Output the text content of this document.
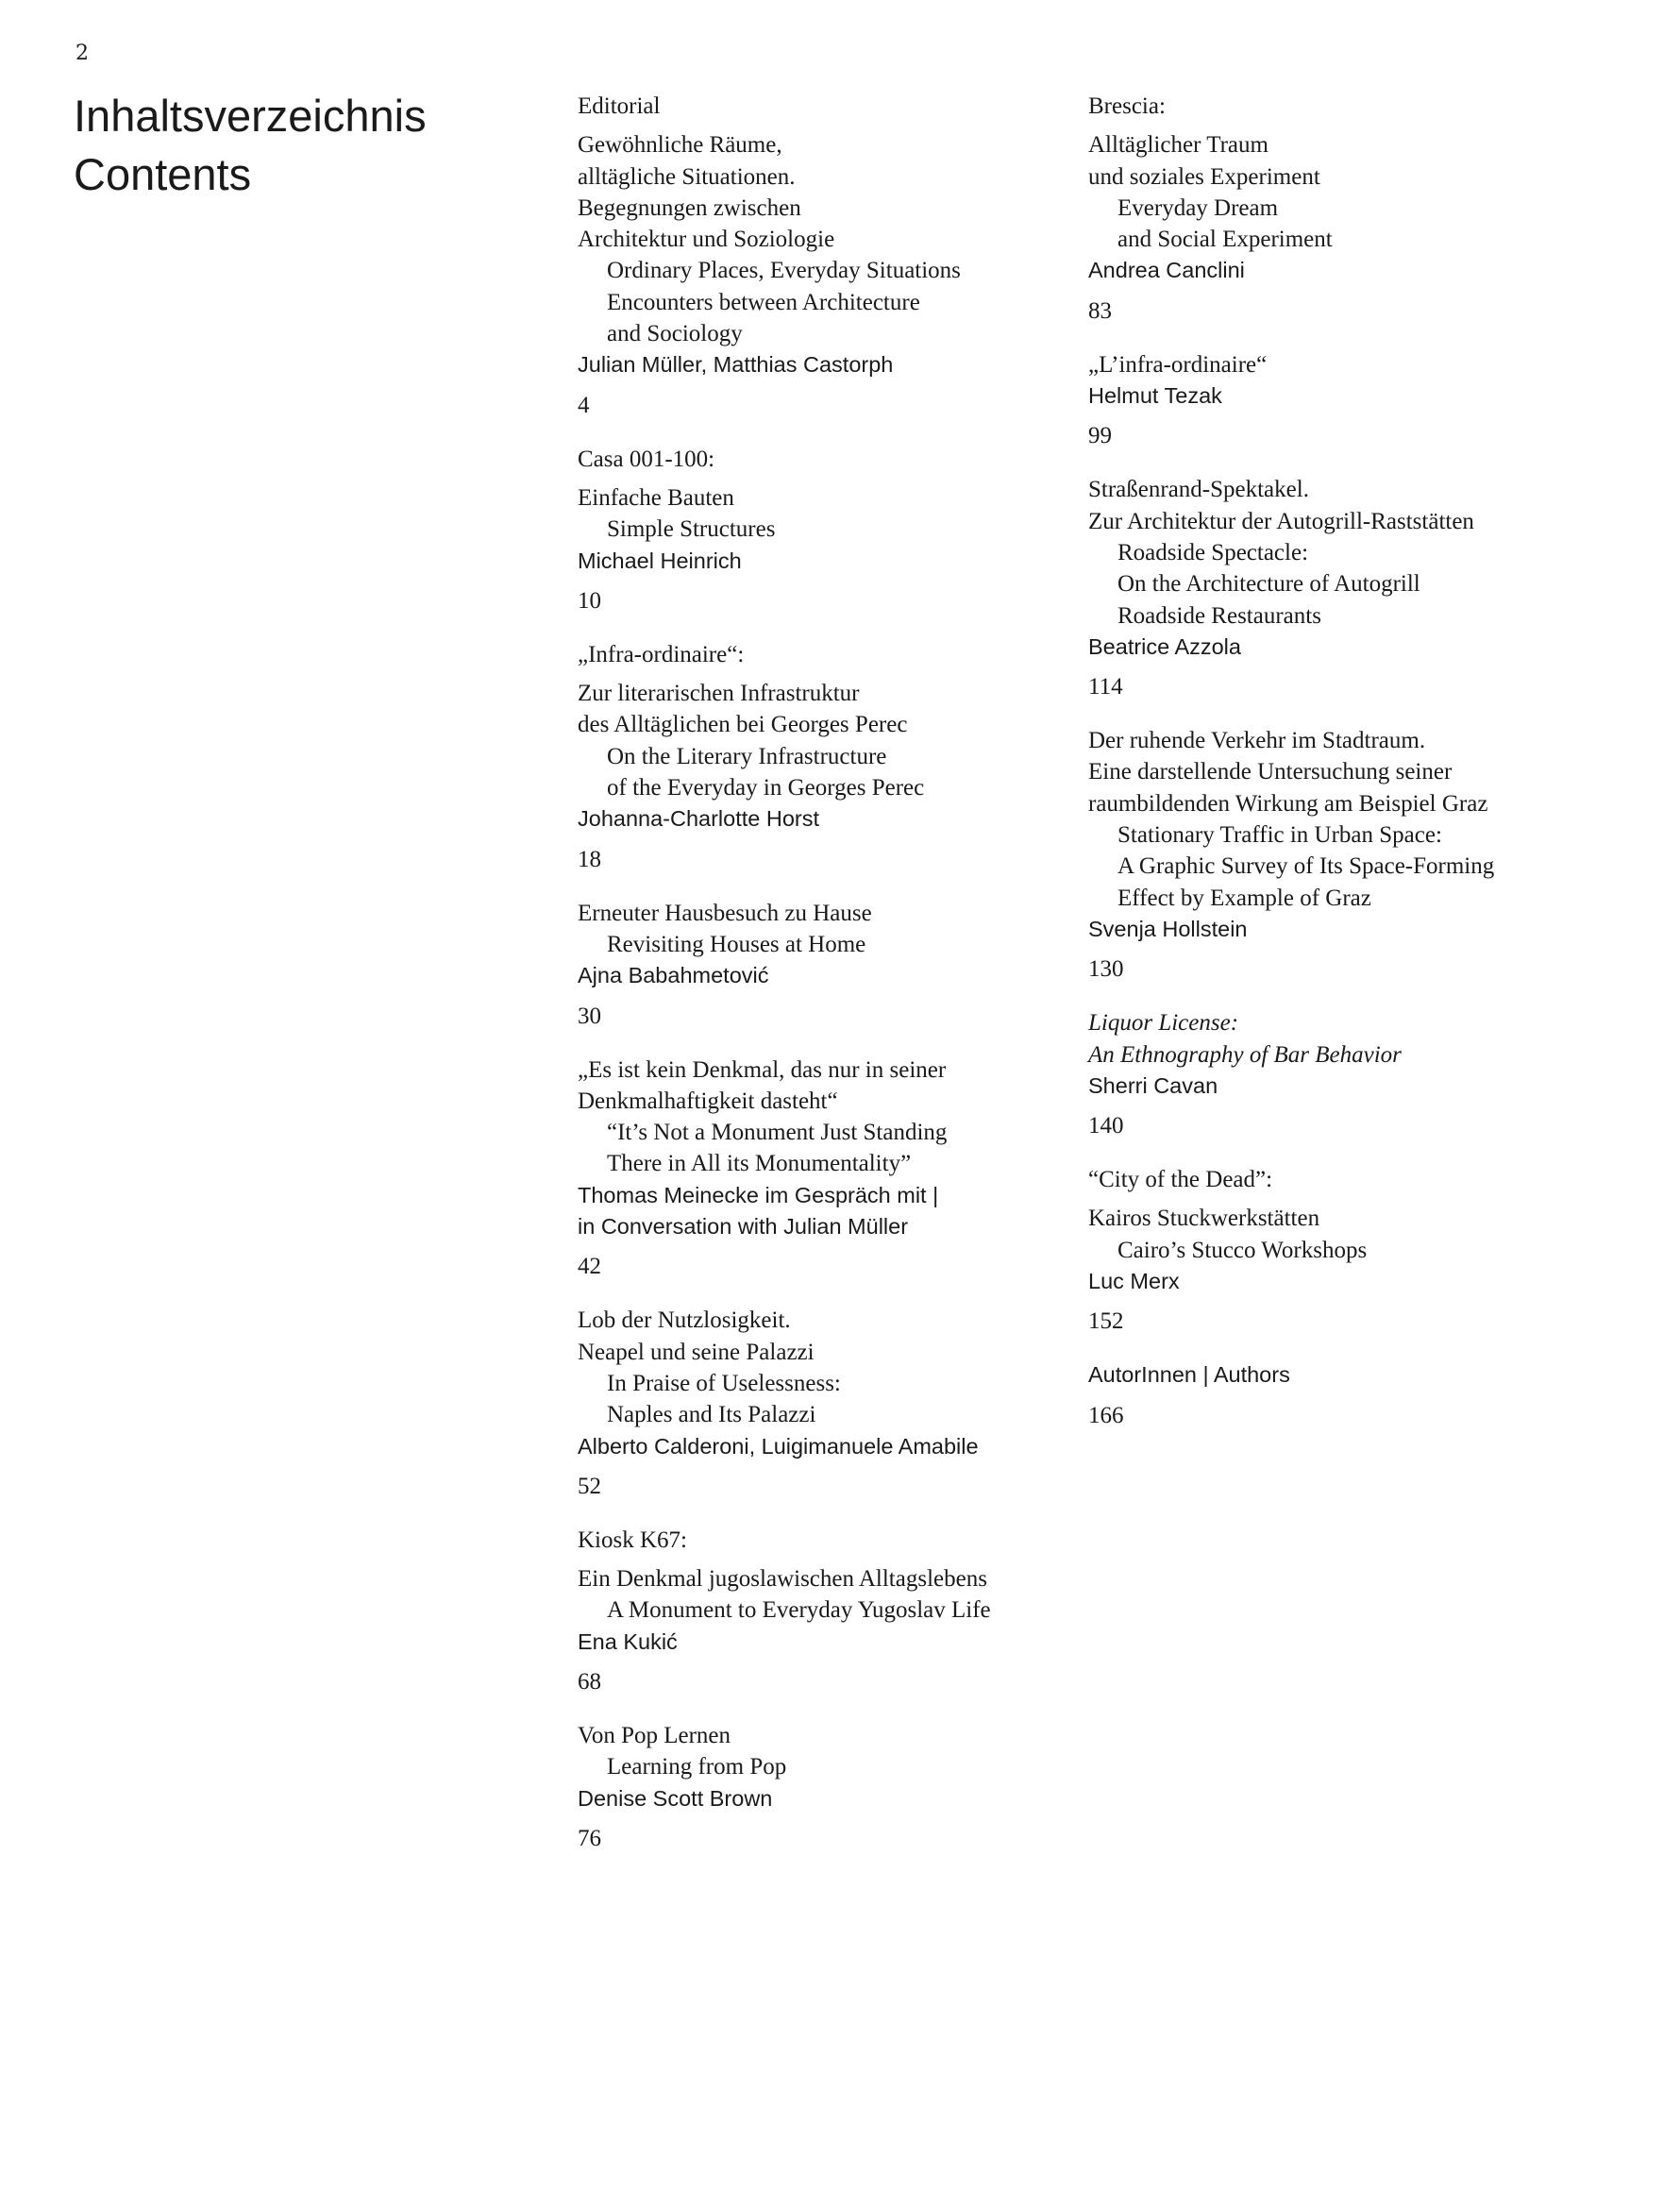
2
Inhaltsverzeichnis
Contents
Editorial
Gewöhnliche Räume,
alltägliche Situationen.
Begegnungen zwischen
Architektur und Soziologie
Ordinary Places, Everyday Situations
Encounters between Architecture
and Sociology
Julian Müller, Matthias Castorph
4
Casa 001-100:
Einfache Bauten
Simple Structures
Michael Heinrich
10
„Infra-ordinaire“:
Zur literarischen Infrastruktur
des Alltäglichen bei Georges Perec
On the Literary Infrastructure
of the Everyday in Georges Perec
Johanna-Charlotte Horst
18
Erneuter Hausbesuch zu Hause
Revisiting Houses at Home
Ajna Babahmetović
30
„Es ist kein Denkmal, das nur in seiner
Denkmalhaftigkeit dasteht“
“It’s Not a Monument Just Standing
There in All its Monumentality”
Thomas Meinecke im Gespräch mit |
in Conversation with Julian Müller
42
Lob der Nutzlosigkeit.
Neapel und seine Palazzi
In Praise of Uselessness:
Naples and Its Palazzi
Alberto Calderoni, Luigimanuele Amabile
52
Kiosk K67:
Ein Denkmal jugoslawischen Alltagslebens
A Monument to Everyday Yugoslav Life
Ena Kukić
68
Von Pop Lernen
Learning from Pop
Denise Scott Brown
76
Brescia:
Alltäglicher Traum
und soziales Experiment
Everyday Dream
and Social Experiment
Andrea Canclini
83
„L’infra-ordinaire“
Helmut Tezak
99
Straßenrand-Spektakel.
Zur Architektur der Autogrill-Raststätten
Roadside Spectacle:
On the Architecture of Autogrill
Roadside Restaurants
Beatrice Azzola
114
Der ruhende Verkehr im Stadtraum.
Eine darstellende Untersuchung seiner
raumbildenden Wirkung am Beispiel Graz
Stationary Traffic in Urban Space:
A Graphic Survey of Its Space-Forming
Effect by Example of Graz
Svenja Hollstein
130
Liquor License:
An Ethnography of Bar Behavior
Sherri Cavan
140
“City of the Dead”:
Kairos Stuckwerkstätten
Cairo’s Stucco Workshops
Luc Merx
152
AutorInnen | Authors
166
